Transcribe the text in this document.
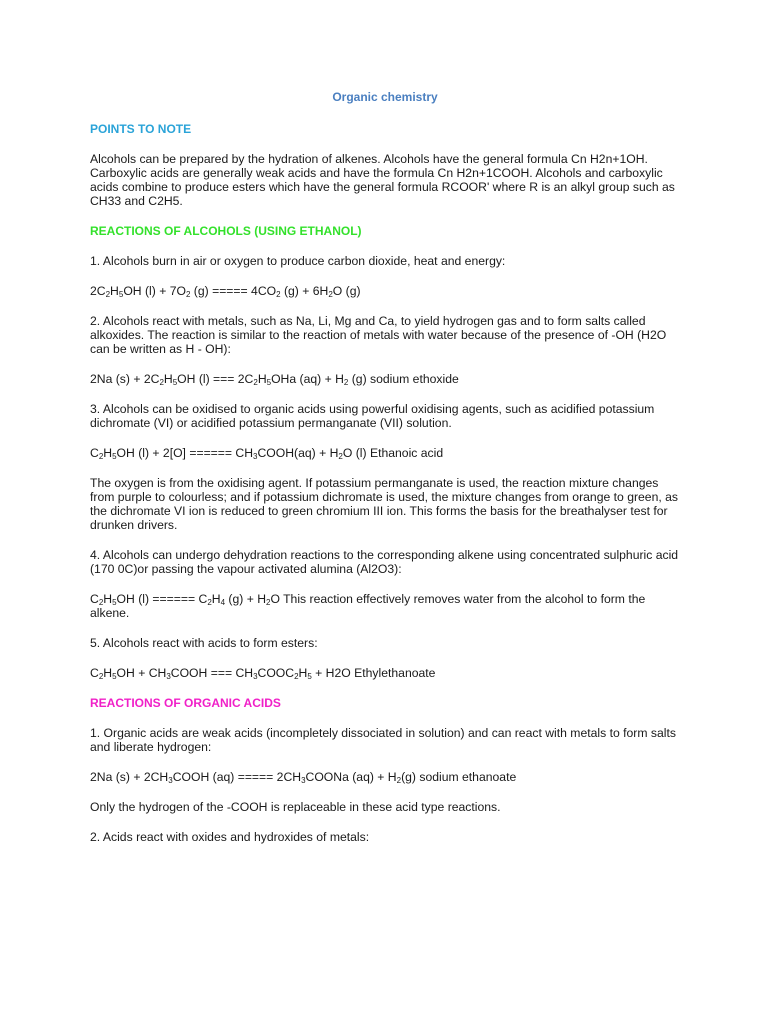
Organic chemistry
POINTS TO NOTE
Alcohols can be prepared by the hydration of alkenes. Alcohols have the general formula Cn H2n+1OH. Carboxylic acids are generally weak acids and have the formula Cn H2n+1COOH. Alcohols and carboxylic acids combine to produce esters which have the general formula RCOOR' where R is an alkyl group such as CH33 and C2H5.
REACTIONS OF ALCOHOLS (USING ETHANOL)
1. Alcohols burn in air or oxygen to produce carbon dioxide, heat and energy:
$2C_2H_5OH$ $(l) + 7O_2$ (g) ===== $4CO_2$ $(g) + 6H_2O$ (g)
2. Alcohols react with metals, such as Na, Li, Mg and Ca, to yield hydrogen gas and to form salts called alkoxides. The reaction is similar to the reaction of metals with water because of the presence of -OH (H2O can be written as H - OH):
2Na $(s) + 2C_2H_5OH$ (l) === $2C_2H_5OHa$ $(aq) + H_2$ (g) sodium ethoxide
3. Alcohols can be oxidised to organic acids using powerful oxidising agents, such as acidified potassium dichromate (VI) or acidified potassium permanganate (VII) solution.
$C_2H_5OH$ (l) + 2[O] ====== $CH_3COOH(aq) + H_2O$ (l) Ethanoic acid
The oxygen is from the oxidising agent. If potassium permanganate is used, the reaction mixture changes from purple to colourless; and if potassium dichromate is used, the mixture changes from orange to green, as the dichromate VI ion is reduced to green chromium III ion. This forms the basis for the breathalyser test for drunken drivers.
4. Alcohols can undergo dehydration reactions to the corresponding alkene using concentrated sulphuric acid (170 0C)or passing the vapour activated alumina (Al2O3):
$C_2H_5OH$ (l) ====== $C_2H_4$ $(g) + H_2O$ This reaction effectively removes water from the alcohol to form the alkene.
5. Alcohols react with acids to form esters:
$C_2H_5OH$ + $CH_3COOH$ === $CH_3COOC_2H_5 + H2O$ Ethylethanoate
REACTIONS OF ORGANIC ACIDS
1. Organic acids are weak acids (incompletely dissociated in solution) and can react with metals to form salts and liberate hydrogen:
2Na $(s) + 2CH_3COOH$ (aq) ===== $2CH_3COONa$ $(aq) + H_2(g)$ sodium ethanoate
Only the hydrogen of the -COOH is replaceable in these acid type reactions.
2. Acids react with oxides and hydroxides of metals:
